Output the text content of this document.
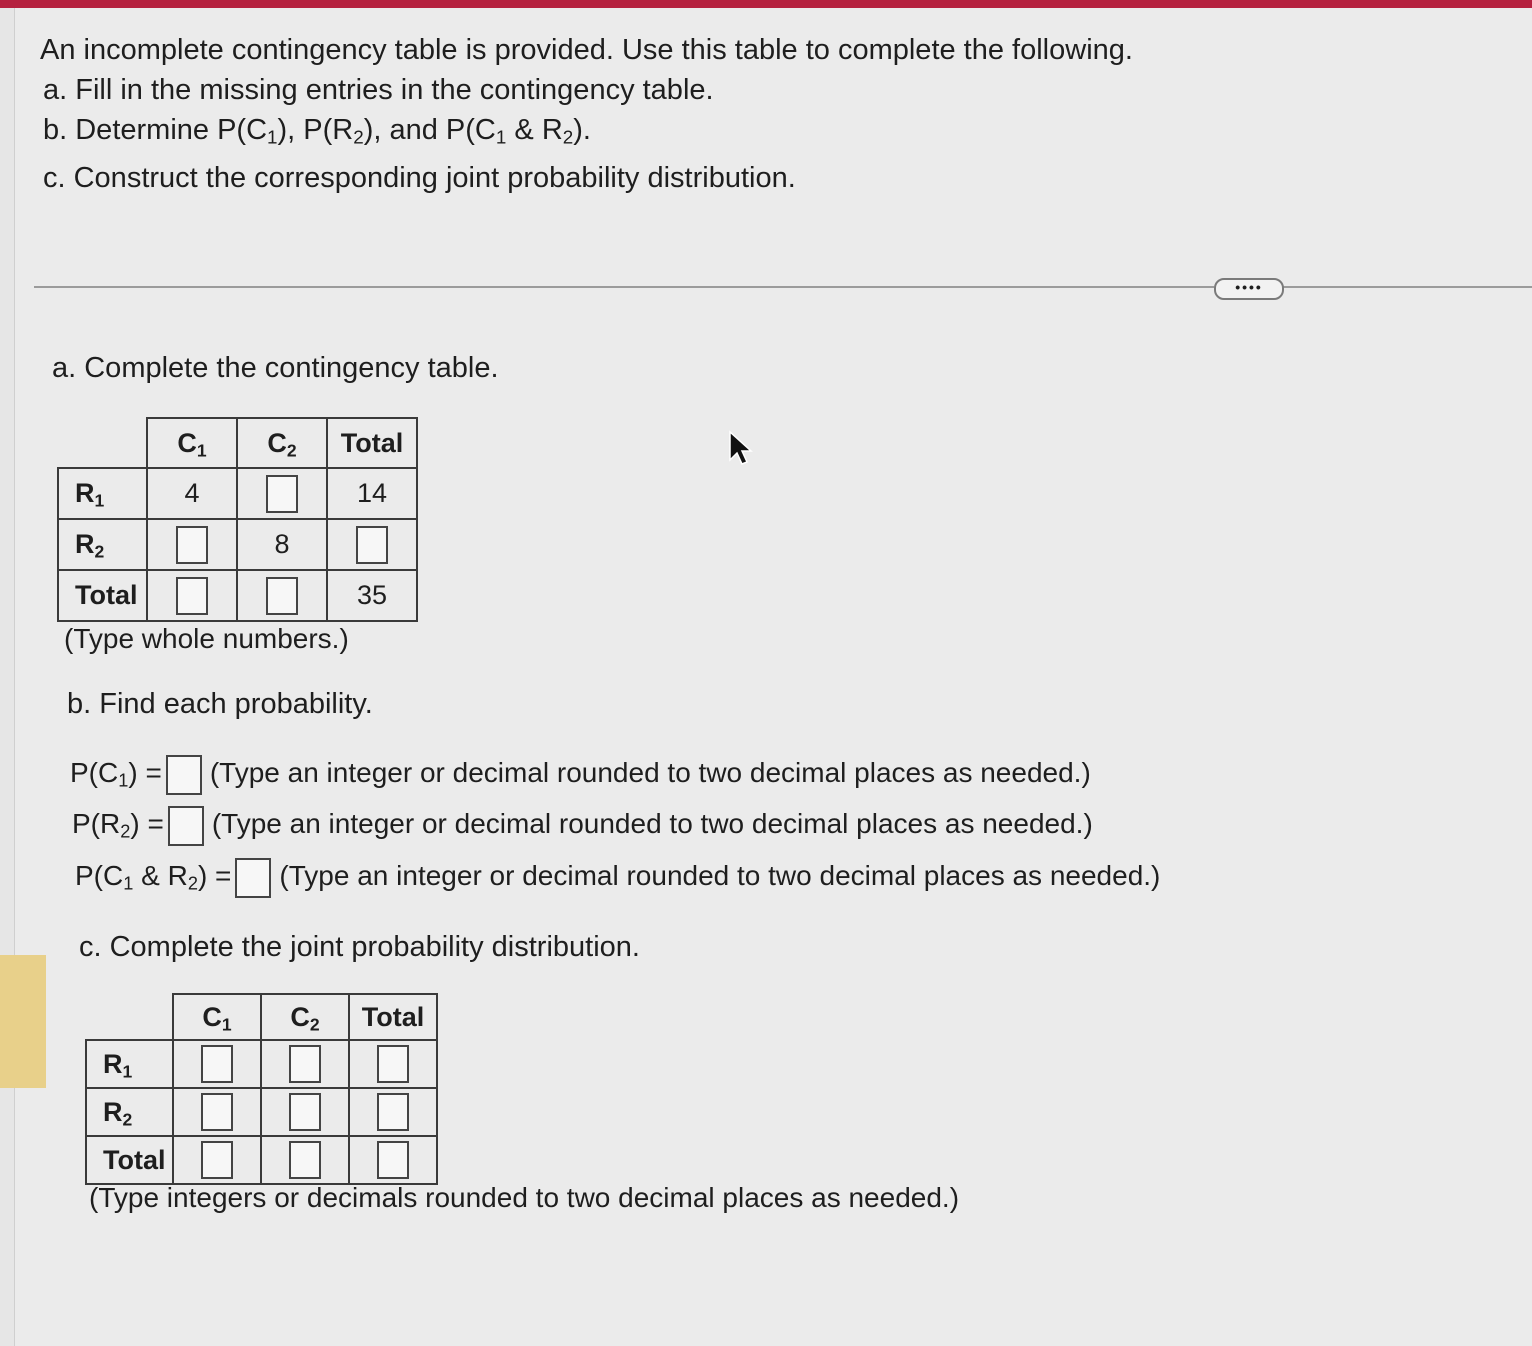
An incomplete contingency table is provided. Use this table to complete the following.
a. Fill in the missing entries in the contingency table.
b. Determine $P(C_1)$, $P(R_2)$, and $P(C_1$ & $R_2$).
c. Construct the corresponding joint probability distribution.
••••
a. Complete the contingency table.
	$C_1$	$C_2$	Total
$R_1$	4		14
$R_2$		8	
Total			35
(Type whole numbers.)
b. Find each probability.
$P(C_1)$ = (Type an integer or decimal rounded to two decimal places as needed.)
$P(R_2)$ = (Type an integer or decimal rounded to two decimal places as needed.)
$P(C_1$ & $R_2$) = (Type an integer or decimal rounded to two decimal places as needed.)
c. Complete the joint probability distribution.
	$C_1$	$C_2$	Total
$R_1$			
$R_2$			
Total			
(Type integers or decimals rounded to two decimal places as needed.)
